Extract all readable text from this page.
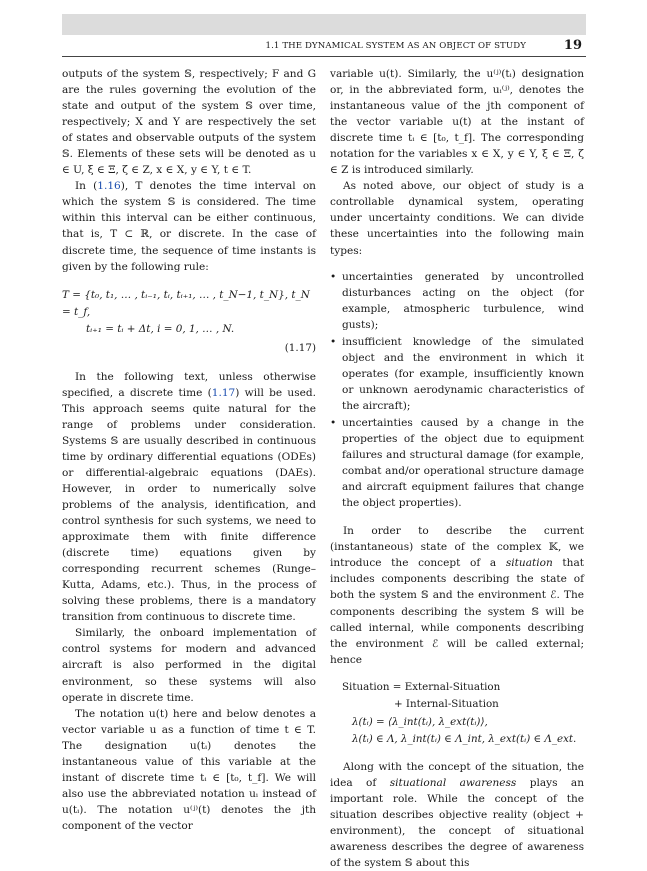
1.1 THE DYNAMICAL SYSTEM AS AN OBJECT OF STUDY	19

outputs of the system 𝕊, respectively; F and G are the rules governing the evolution of the state and output of the system 𝕊 over time, respectively; X and Y are respectively the set of states and observable outputs of the system 𝕊. Elements of these sets will be denoted as u ∈ U, ξ ∈ Ξ, ζ ∈ Z, x ∈ X, y ∈ Y, t ∈ T.

In (1.16), T denotes the time interval on which the system 𝕊 is considered. The time within this interval can be either continuous, that is, T ⊂ ℝ, or discrete. In the case of discrete time, the sequence of time instants is given by the following rule:

T = {t₀, t₁, … , tᵢ₋₁, tᵢ, tᵢ₊₁, … , t_N−1, t_N}, t_N = t_f,
tᵢ₊₁ = tᵢ + Δt, i = 0, 1, … , N.
(1.17)

In the following text, unless otherwise specified, a discrete time (1.17) will be used. This approach seems quite natural for the range of problems under consideration. Systems 𝕊 are usually described in continuous time by ordinary differential equations (ODEs) or differential-algebraic equations (DAEs). However, in order to numerically solve problems of the analysis, identification, and control synthesis for such systems, we need to approximate them with finite difference (discrete time) equations given by corresponding recurrent schemes (Runge–Kutta, Adams, etc.). Thus, in the process of solving these problems, there is a mandatory transition from continuous to discrete time.

Similarly, the onboard implementation of control systems for modern and advanced aircraft is also performed in the digital environment, so these systems will also operate in discrete time.

The notation u(t) here and below denotes a vector variable u as a function of time t ∈ T. The designation u(tᵢ) denotes the instantaneous value of this variable at the instant of discrete time tᵢ ∈ [t₀, t_f]. We will also use the abbreviated notation uᵢ instead of u(tᵢ). The notation u⁽ʲ⁾(t) denotes the jth component of the vector

variable u(t). Similarly, the u⁽ʲ⁾(tᵢ) designation or, in the abbreviated form, uᵢ⁽ʲ⁾, denotes the instantaneous value of the jth component of the vector variable u(t) at the instant of discrete time tᵢ ∈ [t₀, t_f]. The corresponding notation for the variables x ∈ X, y ∈ Y, ξ ∈ Ξ, ζ ∈ Z is introduced similarly.

As noted above, our object of study is a controllable dynamical system, operating under uncertainty conditions. We can divide these uncertainties into the following main types:

• uncertainties generated by uncontrolled disturbances acting on the object (for example, atmospheric turbulence, wind gusts);
• insufficient knowledge of the simulated object and the environment in which it operates (for example, insufficiently known or unknown aerodynamic characteristics of the aircraft);
• uncertainties caused by a change in the properties of the object due to equipment failures and structural damage (for example, combat and/or operational structure damage and aircraft equipment failures that change the object properties).

In order to describe the current (instantaneous) state of the complex 𝕂, we introduce the concept of a situation that includes components describing the state of both the system 𝕊 and the environment ℰ. The components describing the system 𝕊 will be called internal, while components describing the environment ℰ will be called external; hence

Situation = External-Situation
+ Internal-Situation
λ(tᵢ) = ⟨λ_int(tᵢ), λ_ext(tᵢ)⟩,
λ(tᵢ) ∈ Λ, λ_int(tᵢ) ∈ Λ_int, λ_ext(tᵢ) ∈ Λ_ext.

Along with the concept of the situation, the idea of situational awareness plays an important role. While the concept of the situation describes objective reality (object + environment), the concept of situational awareness describes the degree of awareness of the system 𝕊 about this
